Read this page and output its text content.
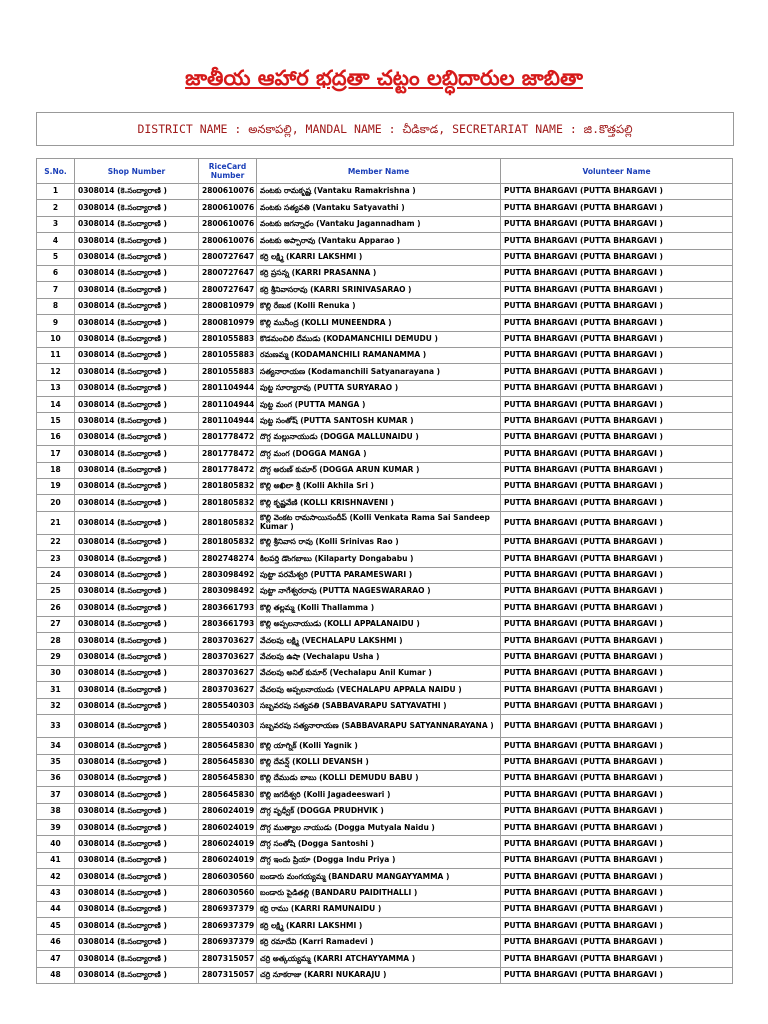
జాతీయ ఆహార భద్రతా చట్టం లబ్ధిదారుల జాబితా
DISTRICT NAME : అనకాపల్లి, MANDAL NAME : చీడికాడ, SECRETARIAT NAME : జి.కొత్తపల్లి
S.No.	Shop Number	RiceCard Number	Member Name	Volunteer Name
1	0308014 (కె.సంద్యారాణి )	2800610076	వంటకు రామకృష్ణ (Vantaku Ramakrishna )	PUTTA BHARGAVI (PUTTA BHARGAVI )
2	0308014 (కె.సంద్యారాణి )	2800610076	వంటకు సత్యవతి (Vantaku Satyavathi )	PUTTA BHARGAVI (PUTTA BHARGAVI )
3	0308014 (కె.సంద్యారాణి )	2800610076	వంటకు జగన్నాధం (Vantaku Jagannadham )	PUTTA BHARGAVI (PUTTA BHARGAVI )
4	0308014 (కె.సంద్యారాణి )	2800610076	వంటకు అప్పారావు (Vantaku Apparao )	PUTTA BHARGAVI (PUTTA BHARGAVI )
5	0308014 (కె.సంద్యారాణి )	2800727647	కర్రి లక్ష్మి (KARRI LAKSHMI )	PUTTA BHARGAVI (PUTTA BHARGAVI )
6	0308014 (కె.సంద్యారాణి )	2800727647	కర్రి ప్రసన్న (KARRI PRASANNA )	PUTTA BHARGAVI (PUTTA BHARGAVI )
7	0308014 (కె.సంద్యారాణి )	2800727647	కర్రి శ్రీనివాసరావు (KARRI SRINIVASARAO )	PUTTA BHARGAVI (PUTTA BHARGAVI )
8	0308014 (కె.సంద్యారాణి )	2800810979	కొల్లి రేణుక (Kolli Renuka )	PUTTA BHARGAVI (PUTTA BHARGAVI )
9	0308014 (కె.సంద్యారాణి )	2800810979	కొల్లి మునీంద్ర (KOLLI MUNEENDRA )	PUTTA BHARGAVI (PUTTA BHARGAVI )
10	0308014 (కె.సంద్యారాణి )	2801055883	కొడమంచిలి దేముడు (KODAMANCHILI DEMUDU )	PUTTA BHARGAVI (PUTTA BHARGAVI )
11	0308014 (కె.సంద్యారాణి )	2801055883	రమణమ్మ (KODAMANCHILI RAMANAMMA )	PUTTA BHARGAVI (PUTTA BHARGAVI )
12	0308014 (కె.సంద్యారాణి )	2801055883	సత్యనారాయణ (Kodamanchili Satyanarayana )	PUTTA BHARGAVI (PUTTA BHARGAVI )
13	0308014 (కె.సంద్యారాణి )	2801104944	పుట్ట సూర్యారావు (PUTTA SURYARAO )	PUTTA BHARGAVI (PUTTA BHARGAVI )
14	0308014 (కె.సంద్యారాణి )	2801104944	పుట్ట మంగ (PUTTA MANGA )	PUTTA BHARGAVI (PUTTA BHARGAVI )
15	0308014 (కె.సంద్యారాణి )	2801104944	పుట్ట సంతోష్ (PUTTA SANTOSH KUMAR )	PUTTA BHARGAVI (PUTTA BHARGAVI )
16	0308014 (కె.సంద్యారాణి )	2801778472	దొగ్గ మల్లునాయుడు (DOGGA MALLUNAIDU )	PUTTA BHARGAVI (PUTTA BHARGAVI )
17	0308014 (కె.సంద్యారాణి )	2801778472	దొగ్గ మంగ (DOGGA MANGA )	PUTTA BHARGAVI (PUTTA BHARGAVI )
18	0308014 (కె.సంద్యారాణి )	2801778472	దొగ్గ అరుణ్ కుమార్ (DOGGA ARUN KUMAR )	PUTTA BHARGAVI (PUTTA BHARGAVI )
19	0308014 (కె.సంద్యారాణి )	2801805832	కొల్లి అఖిలా శ్రీ (Kolli Akhila Sri )	PUTTA BHARGAVI (PUTTA BHARGAVI )
20	0308014 (కె.సంద్యారాణి )	2801805832	కొల్లి కృష్ణవేణి (KOLLI KRISHNAVENI )	PUTTA BHARGAVI (PUTTA BHARGAVI )
21	0308014 (కె.సంద్యారాణి )	2801805832	కొల్లి వెంకట రామసాయిసందీప్ (Kolli Venkata Rama Sai Sandeep Kumar )	PUTTA BHARGAVI (PUTTA BHARGAVI )
22	0308014 (కె.సంద్యారాణి )	2801805832	కొల్లి శ్రీనివాస రావు (Kolli Srinivas Rao )	PUTTA BHARGAVI (PUTTA BHARGAVI )
23	0308014 (కె.సంద్యారాణి )	2802748274	కిలపర్తి డొంగబాబు (Kilaparty Dongababu )	PUTTA BHARGAVI (PUTTA BHARGAVI )
24	0308014 (కె.సంద్యారాణి )	2803098492	పుట్టా పరమేశ్వరి (PUTTA PARAMESWARI )	PUTTA BHARGAVI (PUTTA BHARGAVI )
25	0308014 (కె.సంద్యారాణి )	2803098492	పుట్టా నాగేశ్వరరావు (PUTTA NAGESWARARAO )	PUTTA BHARGAVI (PUTTA BHARGAVI )
26	0308014 (కె.సంద్యారాణి )	2803661793	కొల్లి తల్లమ్మ (Kolli Thallamma )	PUTTA BHARGAVI (PUTTA BHARGAVI )
27	0308014 (కె.సంద్యారాణి )	2803661793	కొల్లి అప్పలనాయుడు (KOLLI APPALANAIDU )	PUTTA BHARGAVI (PUTTA BHARGAVI )
28	0308014 (కె.సంద్యారాణి )	2803703627	వేచలపు లక్ష్మి (VECHALAPU LAKSHMI )	PUTTA BHARGAVI (PUTTA BHARGAVI )
29	0308014 (కె.సంద్యారాణి )	2803703627	వేచలపు ఉషా (Vechalapu Usha )	PUTTA BHARGAVI (PUTTA BHARGAVI )
30	0308014 (కె.సంద్యారాణి )	2803703627	వేచలపు అనిల్ కుమార్ (Vechalapu Anil Kumar )	PUTTA BHARGAVI (PUTTA BHARGAVI )
31	0308014 (కె.సంద్యారాణి )	2803703627	వేచలపు అప్పలనాయుడు (VECHALAPU APPALA NAIDU )	PUTTA BHARGAVI (PUTTA BHARGAVI )
32	0308014 (కె.సంద్యారాణి )	2805540303	సబ్బవరపు సత్యవతి (SABBAVARAPU SATYAVATHI )	PUTTA BHARGAVI (PUTTA BHARGAVI )
33	0308014 (కె.సంద్యారాణి )	2805540303	సబ్బవరపు సత్యనారాయణ (SABBAVARAPU SATYANNARAYANA )	PUTTA BHARGAVI (PUTTA BHARGAVI )
34	0308014 (కె.సంద్యారాణి )	2805645830	కొల్లి యాగ్నిక్ (Kolli Yagnik )	PUTTA BHARGAVI (PUTTA BHARGAVI )
35	0308014 (కె.సంద్యారాణి )	2805645830	కొల్లి దేవన్ష్ (KOLLI DEVANSH )	PUTTA BHARGAVI (PUTTA BHARGAVI )
36	0308014 (కె.సంద్యారాణి )	2805645830	కొల్లి దేముడు బాబు (KOLLI DEMUDU BABU )	PUTTA BHARGAVI (PUTTA BHARGAVI )
37	0308014 (కె.సంద్యారాణి )	2805645830	కొల్లి జగదీశ్వరి (Kolli Jagadeeswari )	PUTTA BHARGAVI (PUTTA BHARGAVI )
38	0308014 (కె.సంద్యారాణి )	2806024019	దొగ్గ పృధ్వీక్ (DOGGA PRUDHVIK )	PUTTA BHARGAVI (PUTTA BHARGAVI )
39	0308014 (కె.సంద్యారాణి )	2806024019	దొగ్గ ముత్యాల నాయుడు (Dogga Mutyala Naidu )	PUTTA BHARGAVI (PUTTA BHARGAVI )
40	0308014 (కె.సంద్యారాణి )	2806024019	దొగ్గ సంతోషి (Dogga Santoshi )	PUTTA BHARGAVI (PUTTA BHARGAVI )
41	0308014 (కె.సంద్యారాణి )	2806024019	దొగ్గ ఇందు ప్రియా (Dogga Indu Priya )	PUTTA BHARGAVI (PUTTA BHARGAVI )
42	0308014 (కె.సంద్యారాణి )	2806030560	బండారు మంగయ్యమ్మ (BANDARU MANGAYYAMMA )	PUTTA BHARGAVI (PUTTA BHARGAVI )
43	0308014 (కె.సంద్యారాణి )	2806030560	బండారు పైడితల్లి (BANDARU PAIDITHALLI )	PUTTA BHARGAVI (PUTTA BHARGAVI )
44	0308014 (కె.సంద్యారాణి )	2806937379	కర్రి రాము (KARRI RAMUNAIDU )	PUTTA BHARGAVI (PUTTA BHARGAVI )
45	0308014 (కె.సంద్యారాణి )	2806937379	కర్రి లక్ష్మి (KARRI LAKSHMI )	PUTTA BHARGAVI (PUTTA BHARGAVI )
46	0308014 (కె.సంద్యారాణి )	2806937379	కర్రి రమాదేవి (Karri Ramadevi )	PUTTA BHARGAVI (PUTTA BHARGAVI )
47	0308014 (కె.సంద్యారాణి )	2807315057	చర్రి అత్కయ్యమ్మ (KARRI ATCHAYYAMMA )	PUTTA BHARGAVI (PUTTA BHARGAVI )
48	0308014 (కె.సంద్యారాణి )	2807315057	చర్రి నూకరాజు (KARRI NUKARAJU )	PUTTA BHARGAVI (PUTTA BHARGAVI )
